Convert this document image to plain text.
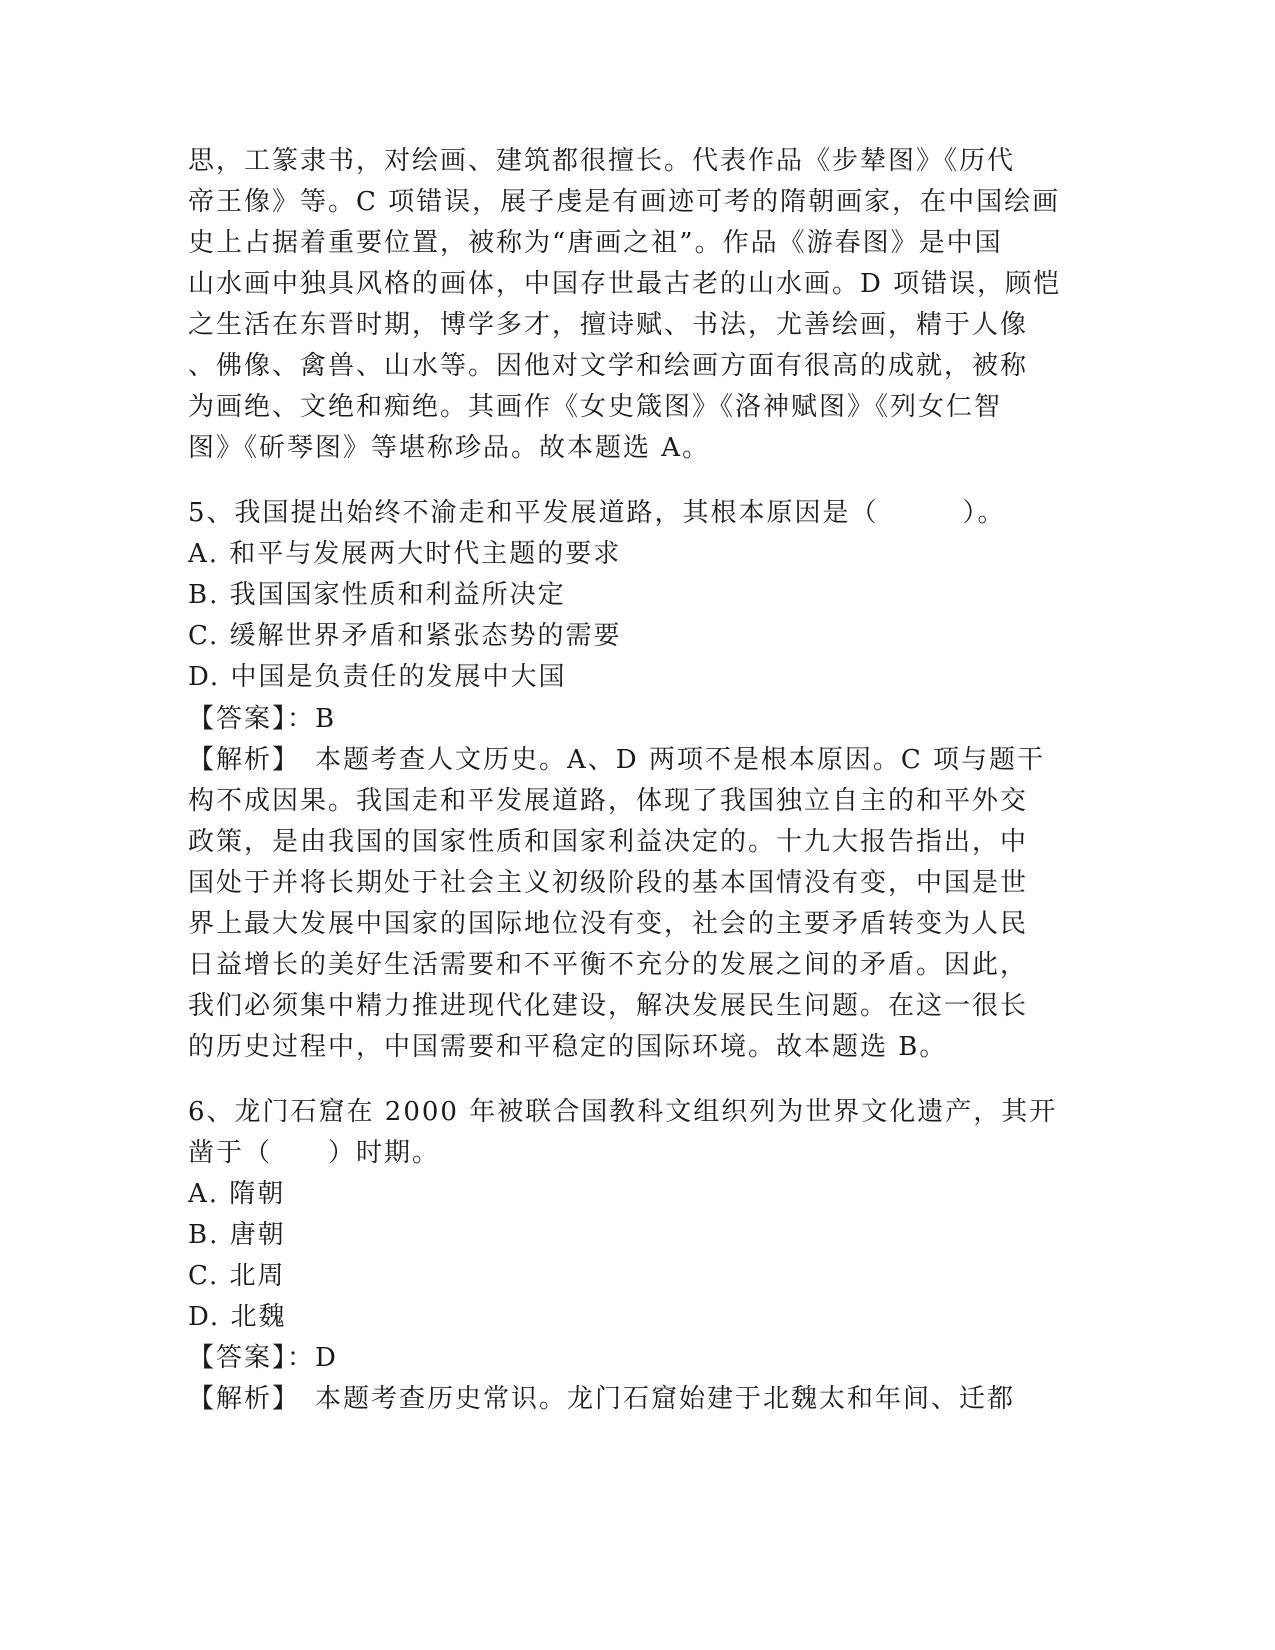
思，工篆隶书，对绘画、建筑都很擅长。代表作品《步辇图》《历代
帝王像》等。C 项错误，展子虔是有画迹可考的隋朝画家，在中国绘画
史上占据着重要位置，被称为“唐画之祖”。作品《游春图》是中国
山水画中独具风格的画体，中国存世最古老的山水画。D 项错误，顾恺
之生活在东晋时期，博学多才，擅诗赋、书法，尤善绘画，精于人像
、佛像、禽兽、山水等。因他对文学和绘画方面有很高的成就，被称
为画绝、文绝和痴绝。其画作《女史箴图》《洛神赋图》《列女仁智
图》《斫琴图》等堪称珍品。故本题选 A。
5、我国提出始终不渝走和平发展道路，其根本原因是（　　　）。
A. 和平与发展两大时代主题的要求
B. 我国国家性质和利益所决定
C. 缓解世界矛盾和紧张态势的需要
D. 中国是负责任的发展中大国
【答案】：B
【解析】　本题考查人文历史。A、D 两项不是根本原因。C 项与题干
构不成因果。我国走和平发展道路，体现了我国独立自主的和平外交
政策，是由我国的国家性质和国家利益决定的。十九大报告指出，中
国处于并将长期处于社会主义初级阶段的基本国情没有变，中国是世
界上最大发展中国家的国际地位没有变，社会的主要矛盾转变为人民
日益增长的美好生活需要和不平衡不充分的发展之间的矛盾。因此，
我们必须集中精力推进现代化建设，解决发展民生问题。在这一很长
的历史过程中，中国需要和平稳定的国际环境。故本题选 B。
6、龙门石窟在 2000 年被联合国教科文组织列为世界文化遗产，其开
凿于（　　）时期。
A. 隋朝
B. 唐朝
C. 北周
D. 北魏
【答案】：D
【解析】　本题考查历史常识。龙门石窟始建于北魏太和年间、迁都
